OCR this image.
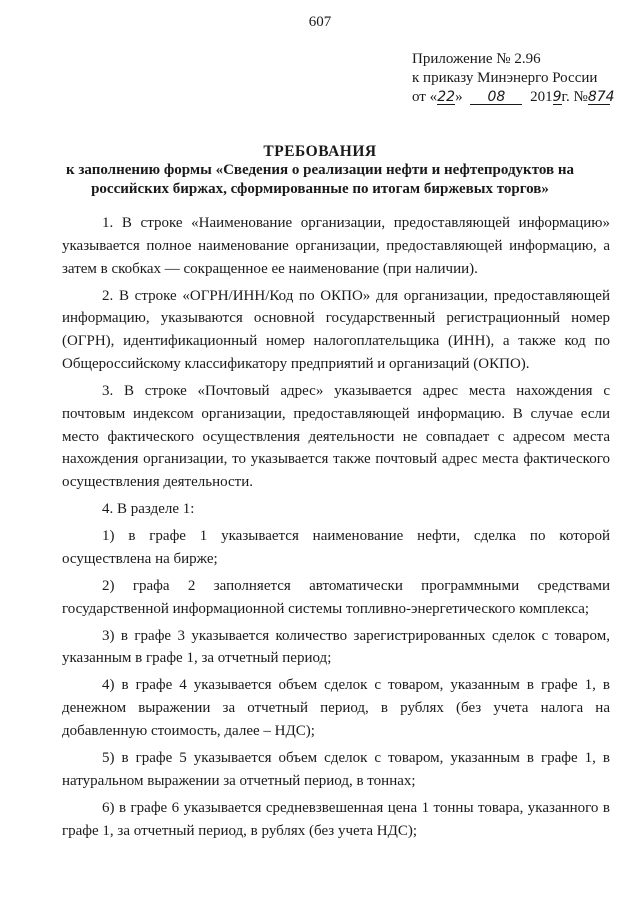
607
Приложение № 2.96
к приказу Минэнерго России
от «22» 08 2019г. №874
ТРЕБОВАНИЯ
к заполнению формы «Сведения о реализации нефти и нефтепродуктов на
российских биржах, сформированные по итогам биржевых торгов»

1. В строке «Наименование организации, предоставляющей информацию» указывается полное наименование организации, предоставляющей информацию, а затем в скобках — сокращенное ее наименование (при наличии).

2. В строке «ОГРН/ИНН/Код по ОКПО» для организации, предоставляющей информацию, указываются основной государственный регистрационный номер (ОГРН), идентификационный номер налогоплательщика (ИНН), а также код по Общероссийскому классификатору предприятий и организаций (ОКПО).

3. В строке «Почтовый адрес» указывается адрес места нахождения с почтовым индексом организации, предоставляющей информацию. В случае если место фактического осуществления деятельности не совпадает с адресом места нахождения организации, то указывается также почтовый адрес места фактического осуществления деятельности.

4. В разделе 1:

1) в графе 1 указывается наименование нефти, сделка по которой осуществлена на бирже;

2) графа 2 заполняется автоматически программными средствами государственной информационной системы топливно-энергетического комплекса;

3) в графе 3 указывается количество зарегистрированных сделок с товаром, указанным в графе 1, за отчетный период;

4) в графе 4 указывается объем сделок с товаром, указанным в графе 1, в денежном выражении за отчетный период, в рублях (без учета налога на добавленную стоимость, далее – НДС);

5) в графе 5 указывается объем сделок с товаром, указанным в графе 1, в натуральном выражении за отчетный период, в тоннах;

6) в графе 6 указывается средневзвешенная цена 1 тонны товара, указанного в графе 1, за отчетный период, в рублях (без учета НДС);
